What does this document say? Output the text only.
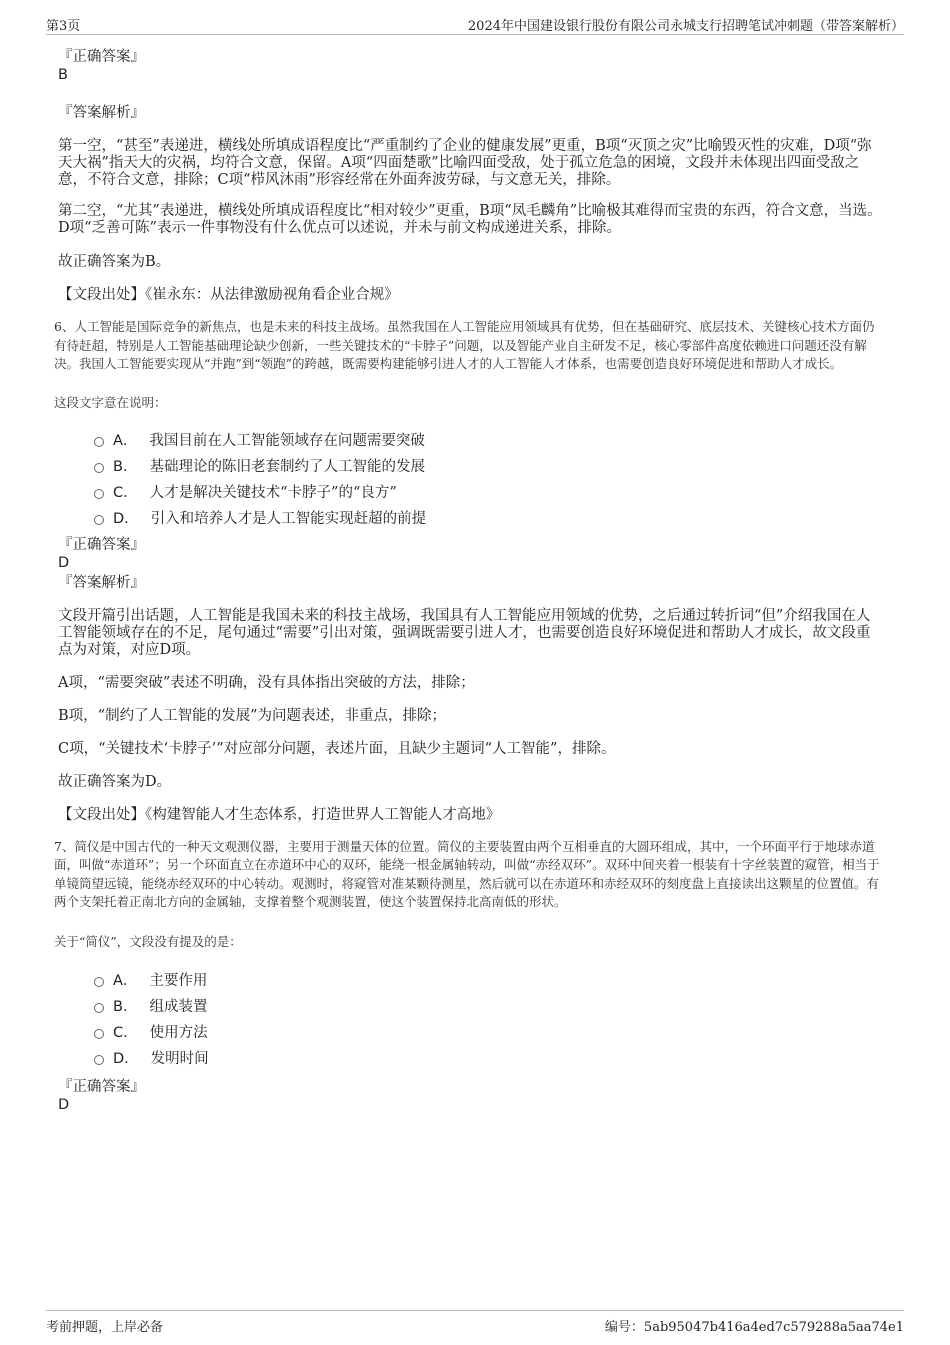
第3页	2024年中国建设银行股份有限公司永城支行招聘笔试冲刺题（带答案解析）

『正确答案』

B

『答案解析』

第一空，“甚至”表递进，横线处所填成语程度比“严重制约了企业的健康发展”更重，B项“灭顶之灾”比喻毁灭性的灾难，D项“弥天大祸”指天大的灾祸，均符合文意，保留。A项“四面楚歌”比喻四面受敌，处于孤立危急的困境，文段并未体现出四面受敌之意，不符合文意，排除；C项“栉风沐雨”形容经常在外面奔波劳碌，与文意无关，排除。

第二空，“尤其”表递进，横线处所填成语程度比“相对较少”更重，B项“凤毛麟角”比喻极其难得而宝贵的东西，符合文意，当选。D项“乏善可陈”表示一件事物没有什么优点可以述说，并未与前文构成递进关系，排除。

故正确答案为B。

【文段出处】《崔永东：从法律激励视角看企业合规》

6、人工智能是国际竞争的新焦点，也是未来的科技主战场。虽然我国在人工智能应用领域具有优势，但在基础研究、底层技术、关键核心技术方面仍有待赶超，特别是人工智能基础理论缺少创新，一些关键技术的“卡脖子”问题，以及智能产业自主研发不足，核心零部件高度依赖进口问题还没有解决。我国人工智能要实现从“并跑”到“领跑”的跨越，既需要构建能够引进人才的人工智能人才体系，也需要创造良好环境促进和帮助人才成长。

这段文字意在说明：

A． 我国目前在人工智能领域存在问题需要突破
B． 基础理论的陈旧老套制约了人工智能的发展
C． 人才是解决关键技术“卡脖子”的“良方”
D． 引入和培养人才是人工智能实现赶超的前提

『正确答案』

D

『答案解析』

文段开篇引出话题，人工智能是我国未来的科技主战场，我国具有人工智能应用领域的优势，之后通过转折词“但”介绍我国在人工智能领域存在的不足，尾句通过“需要”引出对策，强调既需要引进人才，也需要创造良好环境促进和帮助人才成长，故文段重点为对策，对应D项。

A项，“需要突破”表述不明确，没有具体指出突破的方法，排除；

B项，“制约了人工智能的发展”为问题表述，非重点，排除；

C项，“关键技术‘卡脖子’”对应部分问题，表述片面，且缺少主题词“人工智能”，排除。

故正确答案为D。

【文段出处】《构建智能人才生态体系，打造世界人工智能人才高地》

7、简仪是中国古代的一种天文观测仪器，主要用于测量天体的位置。简仪的主要装置由两个互相垂直的大圆环组成，其中，一个环面平行于地球赤道面，叫做“赤道环”；另一个环面直立在赤道环中心的双环，能绕一根金属轴转动，叫做“赤经双环”。双环中间夹着一根装有十字丝装置的窥管，相当于单镜筒望远镜，能绕赤经双环的中心转动。观测时，将窥管对准某颗待测星，然后就可以在赤道环和赤经双环的刻度盘上直接读出这颗星的位置值。有两个支架托着正南北方向的金属轴，支撑着整个观测装置，使这个装置保持北高南低的形状。

关于“简仪”，文段没有提及的是：

A． 主要作用
B． 组成装置
C． 使用方法
D． 发明时间

『正确答案』

D

考前押题，上岸必备	编号：5ab95047b416a4ed7c579288a5aa74e1
